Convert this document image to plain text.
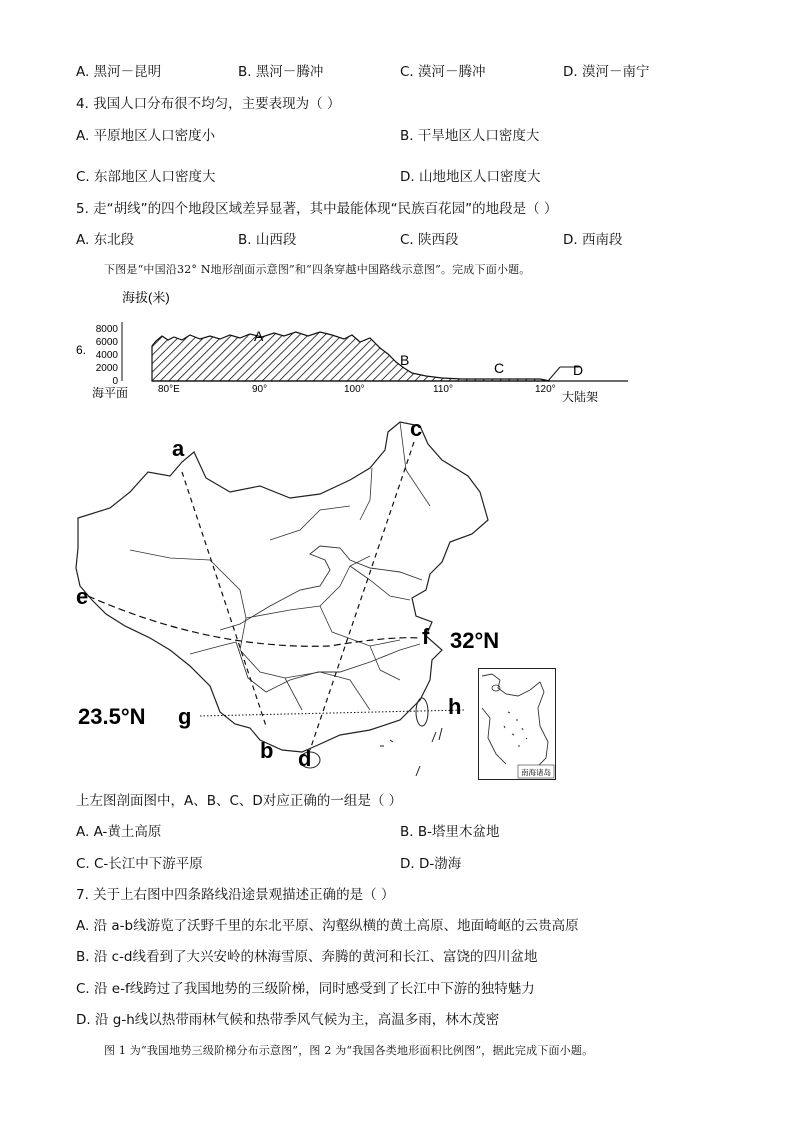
A. 黑河－昆明	B. 黑河－腾冲	C. 漠河－腾冲	D. 漠河－南宁
4. 我国人口分布很不均匀，主要表现为（ ）
A. 平原地区人口密度小	B. 干旱地区人口密度大
C. 东部地区人口密度大	D. 山地地区人口密度大
5. 走“胡线”的四个地段区域差异显著，其中最能体现“民族百花园”的地段是（ ）
A. 东北段	B. 山西段	C. 陕西段	D. 西南段
下图是“中国沿32° N地形剖面示意图”和“四条穿越中国路线示意图”。完成下面小题。
海拔(米)
8000
6000
4000
2000
0
6.
A
B	C	D
80°E	90°	100°	110°	120°
海平面	大陆架
a
b
c
d
e
f
g	h
32°N
23.5°N
南海诸岛
上左图剖面图中，A、B、C、D对应正确的一组是（ ）
A. A-黄土高原	B. B-塔里木盆地
C. C-长江中下游平原	D. D-渤海
7. 关于上右图中四条路线沿途景观描述正确的是（ ）
A. 沿 a-b线游览了沃野千里的东北平原、沟壑纵横的黄土高原、地面崎岖的云贵高原
B. 沿 c-d线看到了大兴安岭的林海雪原、奔腾的黄河和长江、富饶的四川盆地
C. 沿 e-f线跨过了我国地势的三级阶梯，同时感受到了长江中下游的独特魅力
D. 沿 g-h线以热带雨林气候和热带季风气候为主，高温多雨，林木茂密
图 1 为“我国地势三级阶梯分布示意图”，图 2 为“我国各类地形面积比例图”，据此完成下面小题。
